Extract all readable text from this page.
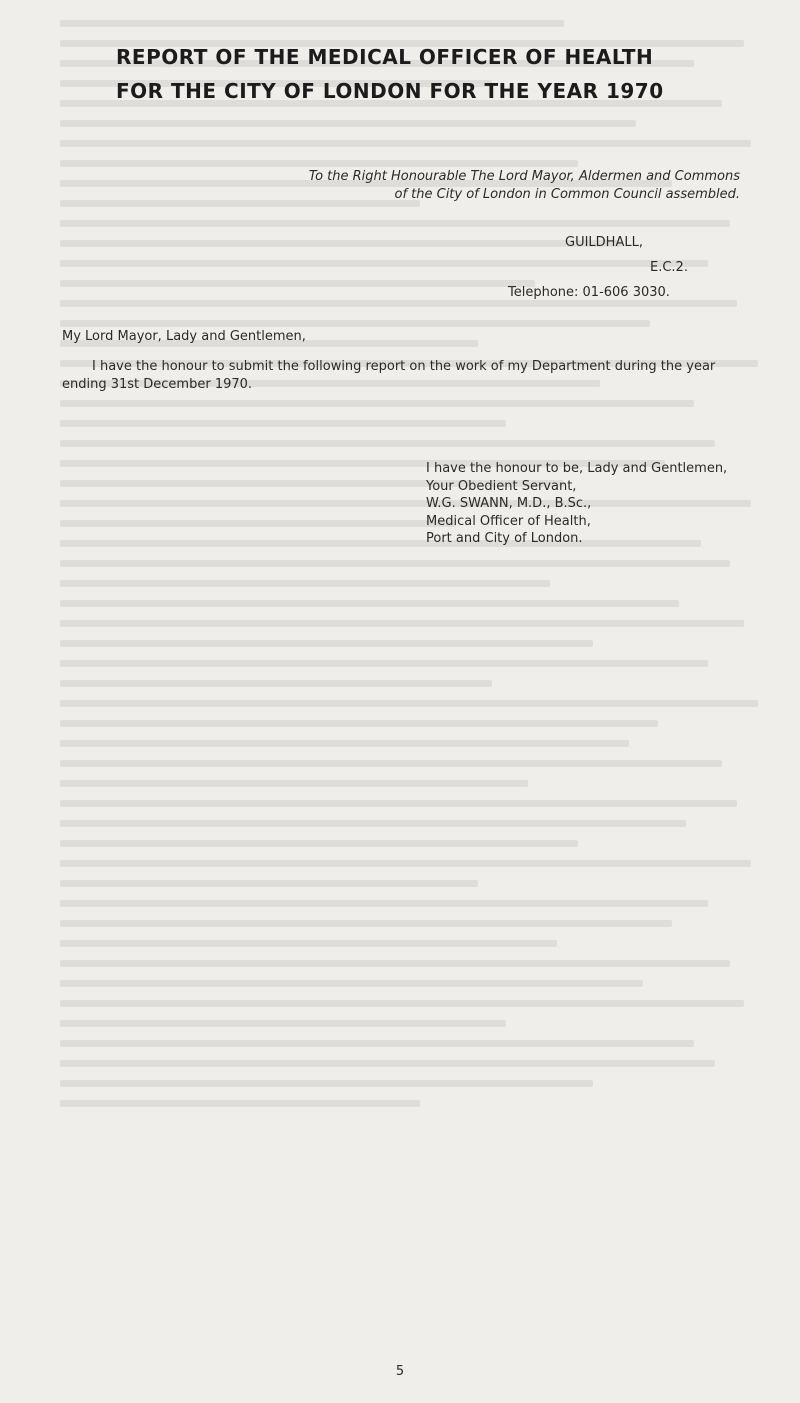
REPORT OF THE MEDICAL OFFICER OF HEALTH
FOR THE CITY OF LONDON FOR THE YEAR 1970
To the Right Honourable The Lord Mayor, Aldermen and Commons
of the City of London in Common Council assembled.
GUILDHALL,
E.C.2.
Telephone: 01-606 3030.
My Lord Mayor, Lady and Gentlemen,

I have the honour to submit the following report on the work of my Department during the year ending 31st December 1970.

I have the honour to be, Lady and Gentlemen,
Your Obedient Servant,
W.G. SWANN, M.D., B.Sc.,
Medical Officer of Health,
Port and City of London.
5
